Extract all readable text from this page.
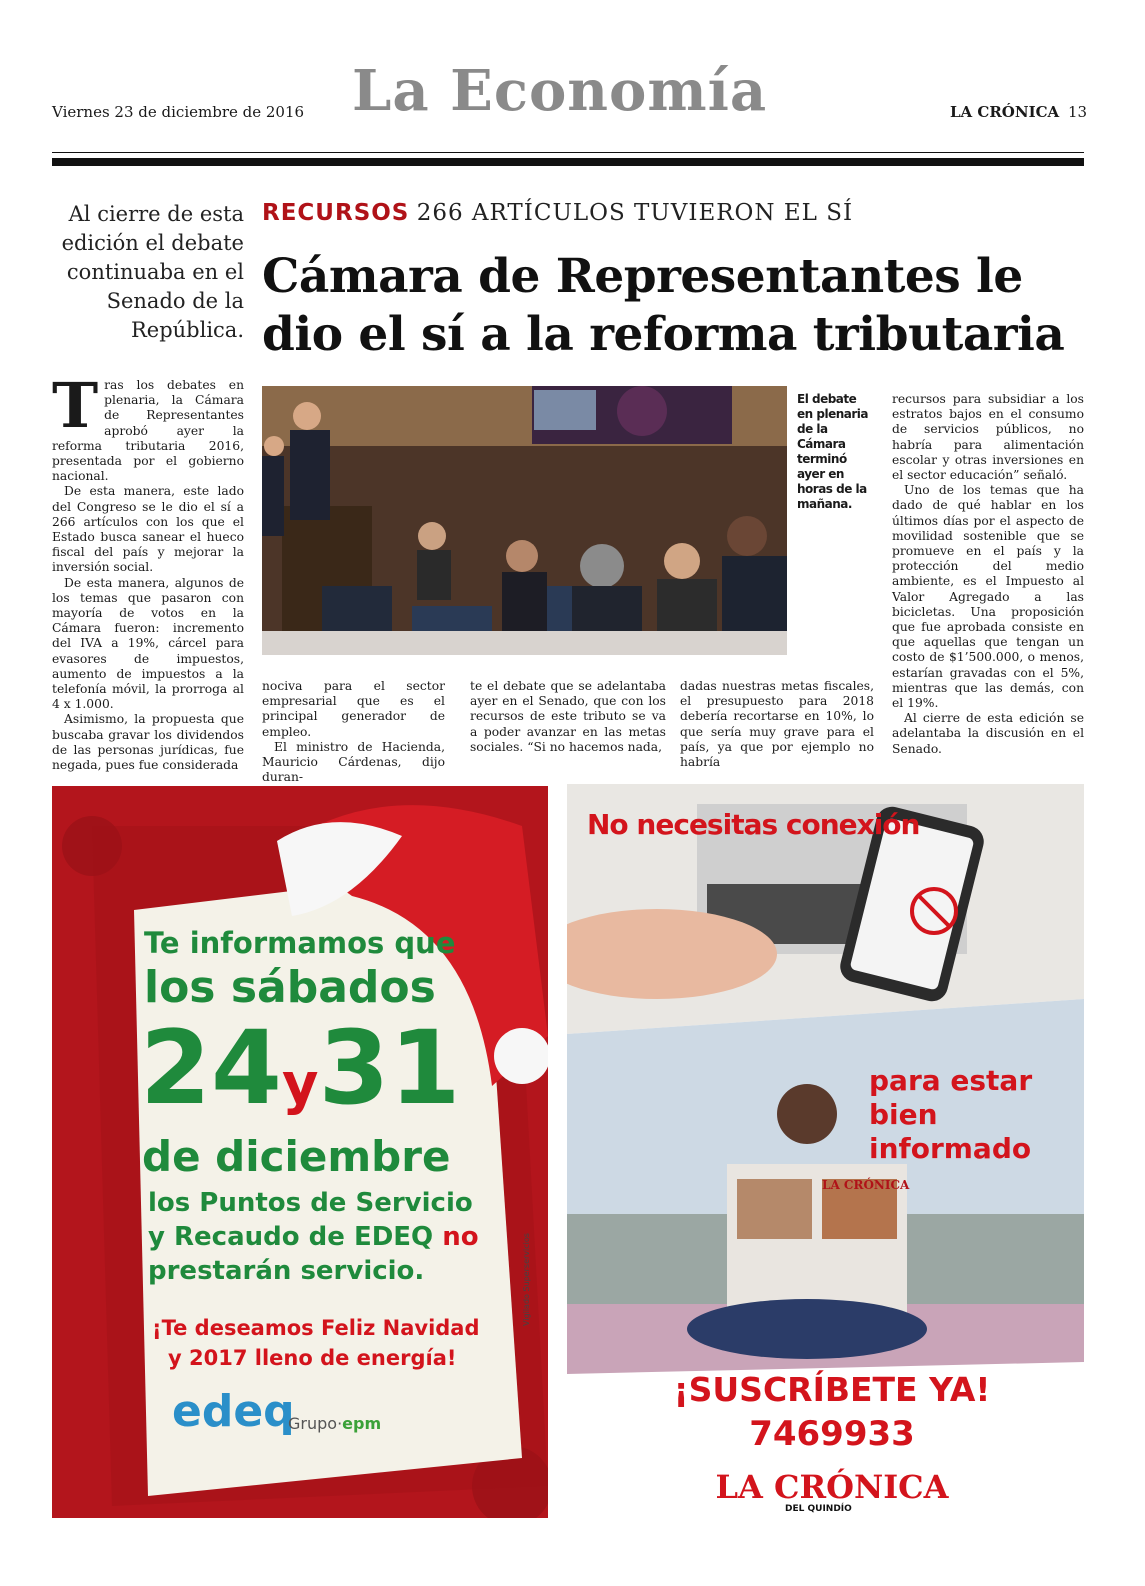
Viernes 23 de diciembre de 2016 La Economía	LA CRÓNICA 13
Al cierre de esta edición el debate continuaba en el Senado de la República.
RECURSOS 266 ARTÍCULOS TUVIERON EL SÍ
Cámara de Representantes le dio el sí a la reforma tributaria

Tras los debates en plenaria, la Cámara de Representantes aprobó ayer la reforma tributaria 2016, presentada por el gobierno nacional.

De esta manera, este lado del Congreso se le dio el sí a 266 artículos con los que el Estado busca sanear el hueco fiscal del país y mejorar la inversión social.

De esta manera, algunos de los temas que pasaron con mayoría de votos en la Cámara fueron: incremento del IVA a 19%, cárcel para evasores de impuestos, aumento de impuestos a la telefonía móvil, la prorroga al 4 x 1.000.

Asimismo, la propuesta que buscaba gravar los dividendos de las personas jurídicas, fue negada, pues fue considerada

El debate en plenaria de la Cámara terminó ayer en horas de la mañana.

nociva para el sector empresarial que es el principal generador de empleo.

El ministro de Hacienda, Mauricio Cárdenas, dijo duran-

te el debate que se adelantaba ayer en el Senado, que con los recursos de este tributo se va a poder avanzar en las metas sociales. “Si no hacemos nada,

dadas nuestras metas fiscales, el presupuesto para 2018 debería recortarse en 10%, lo que sería muy grave para el país, ya que por ejemplo no habría

recursos para subsidiar a los estratos bajos en el consumo de servicios públicos, no habría para alimentación escolar y otras inversiones en el sector educación” señaló.

Uno de los temas que ha dado de qué hablar en los últimos días por el aspecto de movilidad sostenible que se promueve en el país y la protección del medio ambiente, es el Impuesto al Valor Agregado a las bicicletas. Una proposición que fue aprobada consiste en que aquellas que tengan un costo de $1’500.000, o menos, estarían gravadas con el 5%, mientras que las demás, con el 19%.

Al cierre de esta edición se adelantaba la discusión en el Senado.

Te informamos que
los sábados
24y31
de diciembre
los Puntos de Servicio
y Recaudo de EDEQ no
prestarán servicio.
¡Te deseamos Feliz Navidad
y 2017 lleno de energía!
edeq
Grupo·epm
Vigilado Superservicios
No necesitas conexión
para estar
bien informado
LA CRÓNICA
¡SUSCRÍBETE YA!
7469933
LA CRÓNICA
DEL QUINDÍO
